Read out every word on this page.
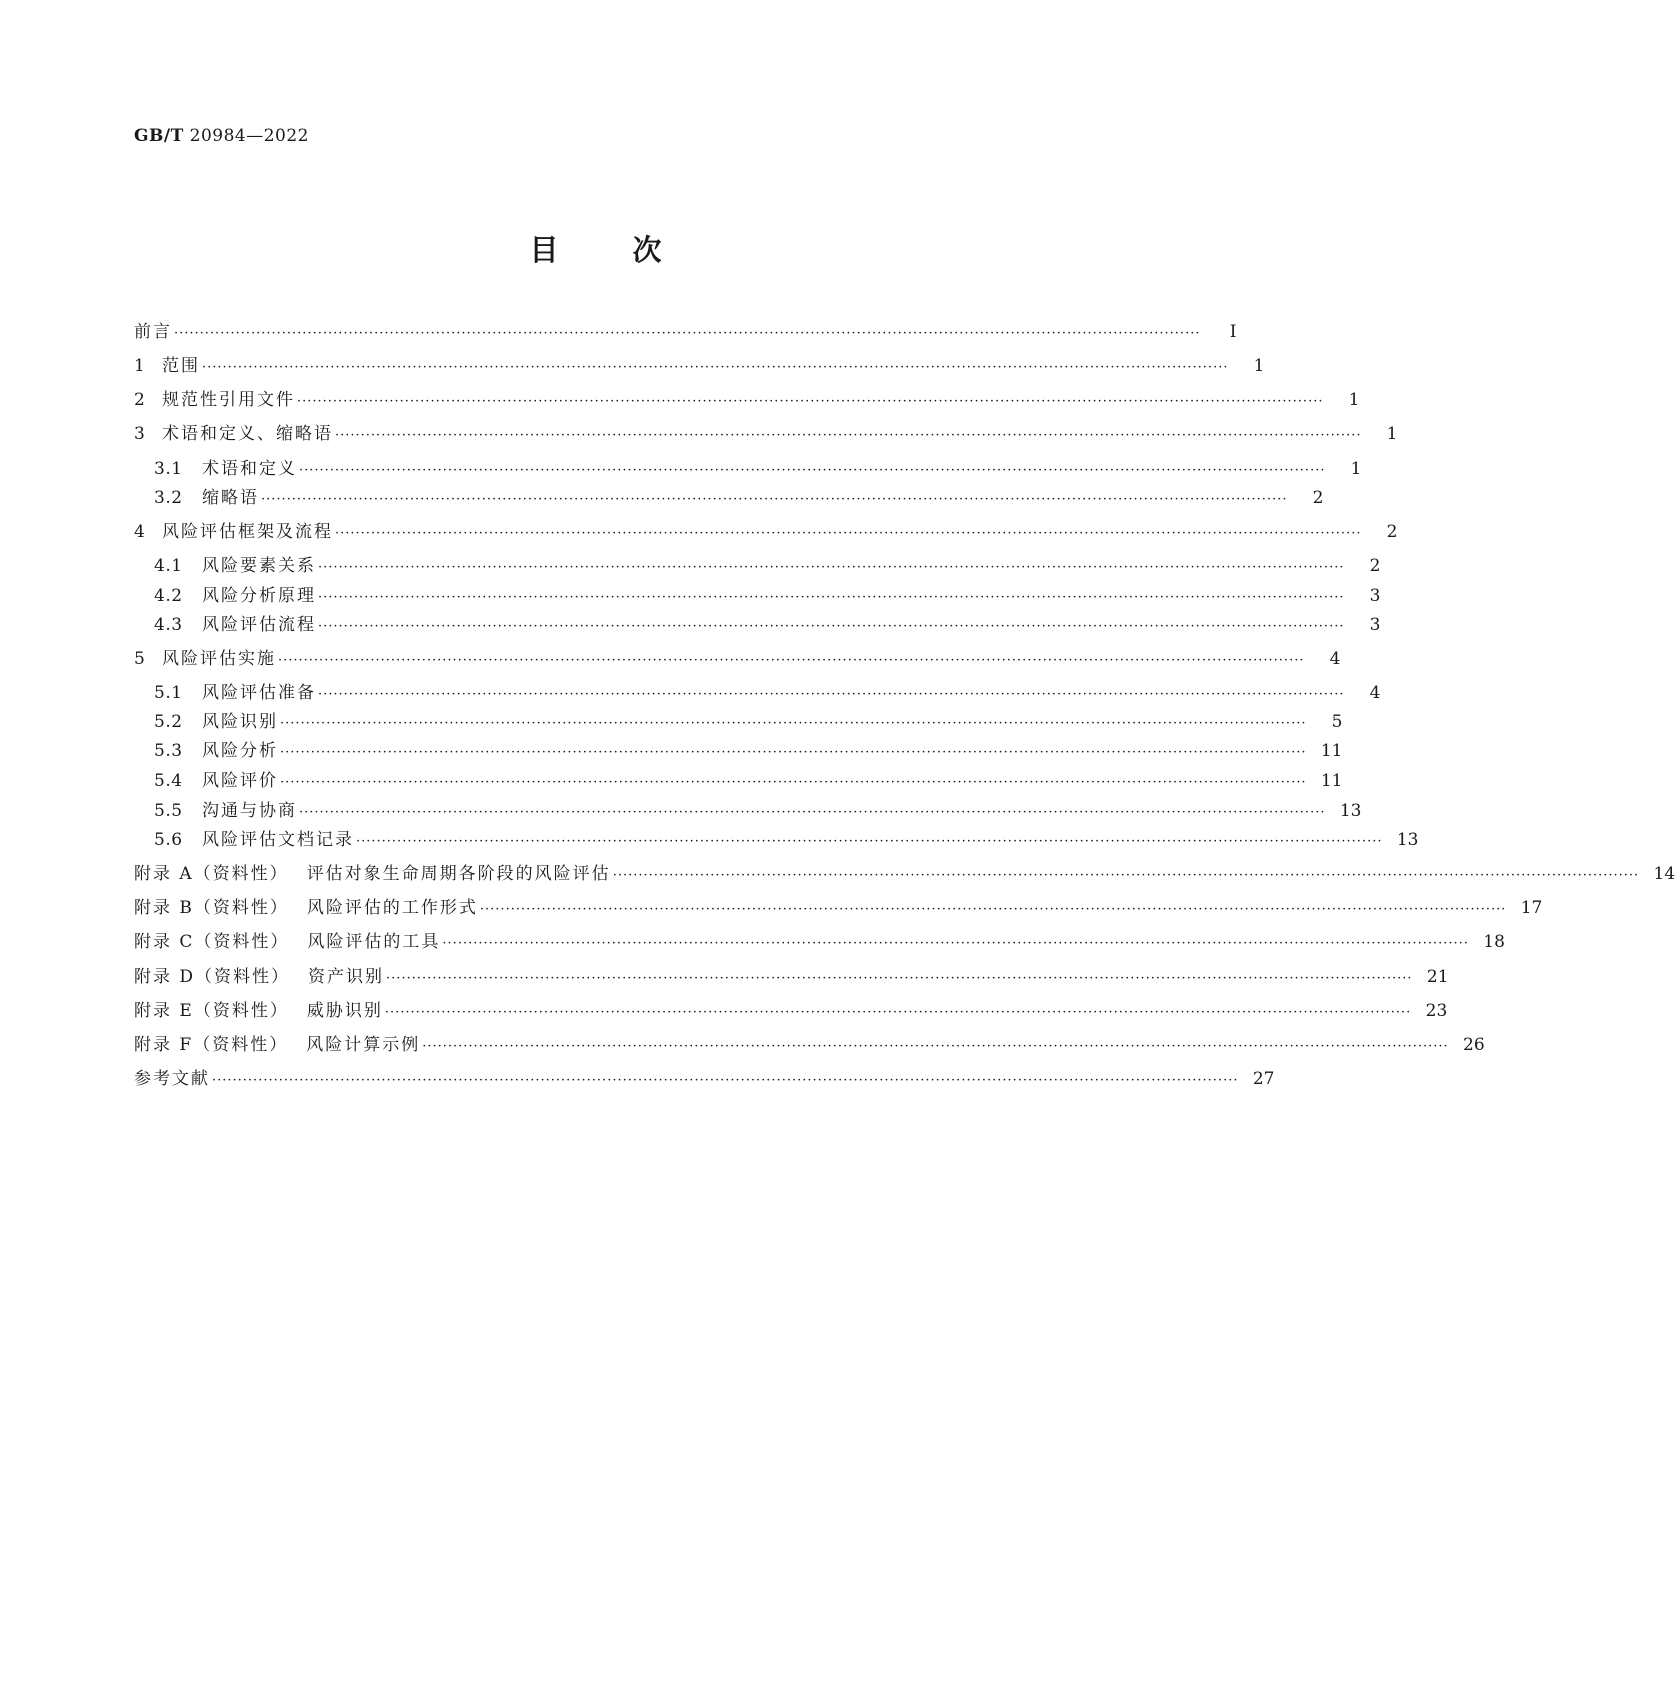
GB/T 20984—2022
目	次
前言 ········································································································································································································	Ⅰ
1 范围 ········································································································································································································	1
2 规范性引用文件 ········································································································································································································	1
3 术语和定义、缩略语 ········································································································································································································	1
3.1	术语和定义 ········································································································································································································	1
3.2	缩略语 ········································································································································································································	2
4 风险评估框架及流程 ········································································································································································································	2
4.1	风险要素关系 ········································································································································································································	2
4.2	风险分析原理 ········································································································································································································	3
4.3	风险评估流程 ········································································································································································································	3
5 风险评估实施 ········································································································································································································	4
5.1	风险评估准备 ········································································································································································································	4
5.2	风险识别 ········································································································································································································	5
5.3	风险分析 ········································································································································································································ 11
5.4	风险评价 ········································································································································································································ 11
5.5	沟通与协商 ········································································································································································································ 13
5.6	风险评估文档记录 ········································································································································································································ 13
附录 A（资料性） 评估对象生命周期各阶段的风险评估 ········································································································································································································ 14
附录 B（资料性） 风险评估的工作形式 ········································································································································································································ 17
附录 C（资料性） 风险评估的工具 ········································································································································································································ 18
附录 D（资料性） 资产识别 ········································································································································································································ 21
附录 E（资料性） 威胁识别 ········································································································································································································ 23
附录 F（资料性） 风险计算示例 ········································································································································································································ 26
参考文献 ········································································································································································································ 27
